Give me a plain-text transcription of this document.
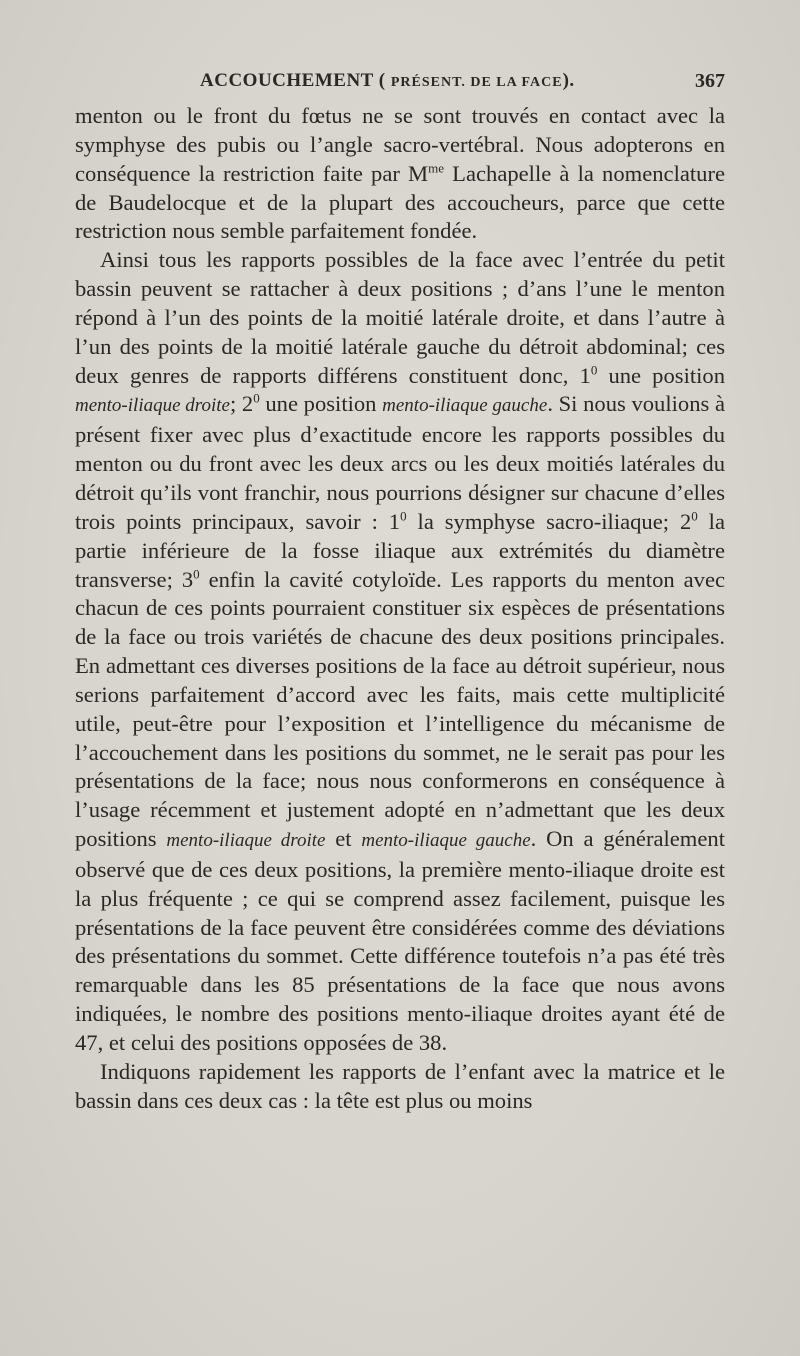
ACCOUCHEMENT ( PRÉSENT. DE LA FACE).	367

menton ou le front du fœtus ne se sont trouvés en contact avec la symphyse des pubis ou l’angle sacro-vertébral. Nous adopterons en conséquence la restriction faite par $M^{me}$ Lachapelle à la nomenclature de Baudelocque et de la plupart des accoucheurs, parce que cette restriction nous semble parfaitement fondée.

Ainsi tous les rapports possibles de la face avec l’entrée du petit bassin peuvent se rattacher à deux positions ; d’ans l’une le menton répond à l’un des points de la moitié latérale droite, et dans l’autre à l’un des points de la moitié latérale gauche du détroit abdominal; ces deux genres de rapports différens constituent donc, $1^0$ une position mento-iliaque droite; $2^0$ une position mento-iliaque gauche. Si nous voulions à présent fixer avec plus d’exactitude encore les rapports possibles du menton ou du front avec les deux arcs ou les deux moitiés latérales du détroit qu’ils vont franchir, nous pourrions désigner sur chacune d’elles trois points principaux, savoir : $1^0$ la symphyse sacro-iliaque; $2^0$ la partie inférieure de la fosse iliaque aux extrémités du diamètre transverse; $3^0$ enfin la cavité cotyloïde. Les rapports du menton avec chacun de ces points pourraient constituer six espèces de présentations de la face ou trois variétés de chacune des deux positions principales. En admettant ces diverses positions de la face au détroit supérieur, nous serions parfaitement d’accord avec les faits, mais cette multiplicité utile, peut-être pour l’exposition et l’intelligence du mécanisme de l’accouchement dans les positions du sommet, ne le serait pas pour les présentations de la face; nous nous conformerons en conséquence à l’usage récemment et justement adopté en n’admettant que les deux positions mento-iliaque droite et mento-iliaque gauche. On a généralement observé que de ces deux positions, la première mento-iliaque droite est la plus fréquente ; ce qui se comprend assez facilement, puisque les présentations de la face peuvent être considérées comme des déviations des présentations du sommet. Cette différence toutefois n’a pas été très remarquable dans les 85 présentations de la face que nous avons indiquées, le nombre des positions mento-iliaque droites ayant été de 47, et celui des positions opposées de 38.

Indiquons rapidement les rapports de l’enfant avec la matrice et le bassin dans ces deux cas : la tête est plus ou moins
